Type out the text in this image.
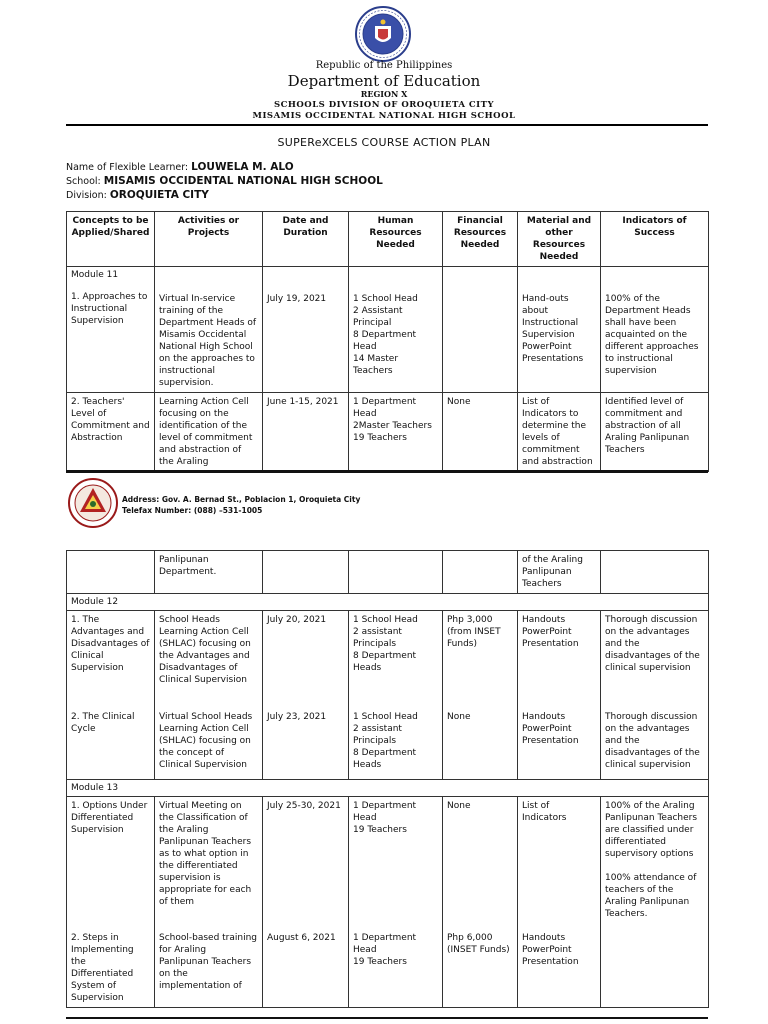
Republic of the Philippines
Department of Education
REGION X
SCHOOLS DIVISION OF OROQUIETA CITY
MISAMIS OCCIDENTAL NATIONAL HIGH SCHOOL
SUPEReXCELS COURSE ACTION PLAN
Name of Flexible Learner: LOUWELA M. ALO
School: MISAMIS OCCIDENTAL NATIONAL HIGH SCHOOL
Division: OROQUIETA CITY
Concepts to be Applied/Shared	Activities or Projects	Date and Duration	Human Resources Needed	Financial Resources Needed	Material and other Resources Needed	Indicators of Success
Module 11
1. Approaches to Instructional Supervision	Virtual In-service training of the Department Heads of Misamis Occidental National High School on the approaches to instructional supervision.	July 19, 2021	1 School Head
2 Assistant Principal
8 Department Head
14 Master Teachers		Hand-outs about Instructional Supervision PowerPoint Presentations	100% of the Department Heads shall have been acquainted on the different approaches to instructional supervision
2. Teachers' Level of Commitment and Abstraction	Learning Action Cell focusing on the identification of the level of commitment and abstraction of the Araling	June 1-15, 2021	1 Department Head
2Master Teachers
19 Teachers	None	List of Indicators to determine the levels of commitment and abstraction	Identified level of commitment and abstraction of all Araling Panlipunan Teachers
Address: Gov. A. Bernad St., Poblacion 1, Oroquieta City
Telefax Number: (088) –531-1005
	Panlipunan Department.				of the Araling Panlipunan Teachers	
Module 12						
1. The Advantages and Disadvantages of Clinical Supervision	School Heads Learning Action Cell (SHLAC) focusing on the Advantages and Disadvantages of Clinical Supervision	July 20, 2021	1 School Head
2 assistant Principals
8 Department Heads	Php 3,000
(from INSET Funds)	Handouts
PowerPoint Presentation	Thorough discussion on the advantages and the disadvantages of the clinical supervision
2. The Clinical Cycle	Virtual School Heads Learning Action Cell (SHLAC) focusing on the concept of Clinical Supervision	July 23, 2021	1 School Head
2 assistant Principals
8 Department Heads	None	Handouts
PowerPoint Presentation	Thorough discussion on the advantages and the disadvantages of the clinical supervision
Module 13						
1. Options Under Differentiated Supervision	Virtual Meeting on the Classification of the Araling Panlipunan Teachers as to what option in the differentiated supervision is appropriate for each of them	July 25-30, 2021	1 Department Head
19 Teachers	None	List of Indicators	100% of the Araling Panlipunan Teachers are classified under differentiated supervisory options

100% attendance of teachers of the Araling Panlipunan Teachers.
2. Steps in Implementing the Differentiated System of Supervision	School-based training for Araling Panlipunan Teachers on the implementation of	August 6, 2021	1 Department Head
19 Teachers	Php 6,000
(INSET Funds)	Handouts
PowerPoint Presentation	
